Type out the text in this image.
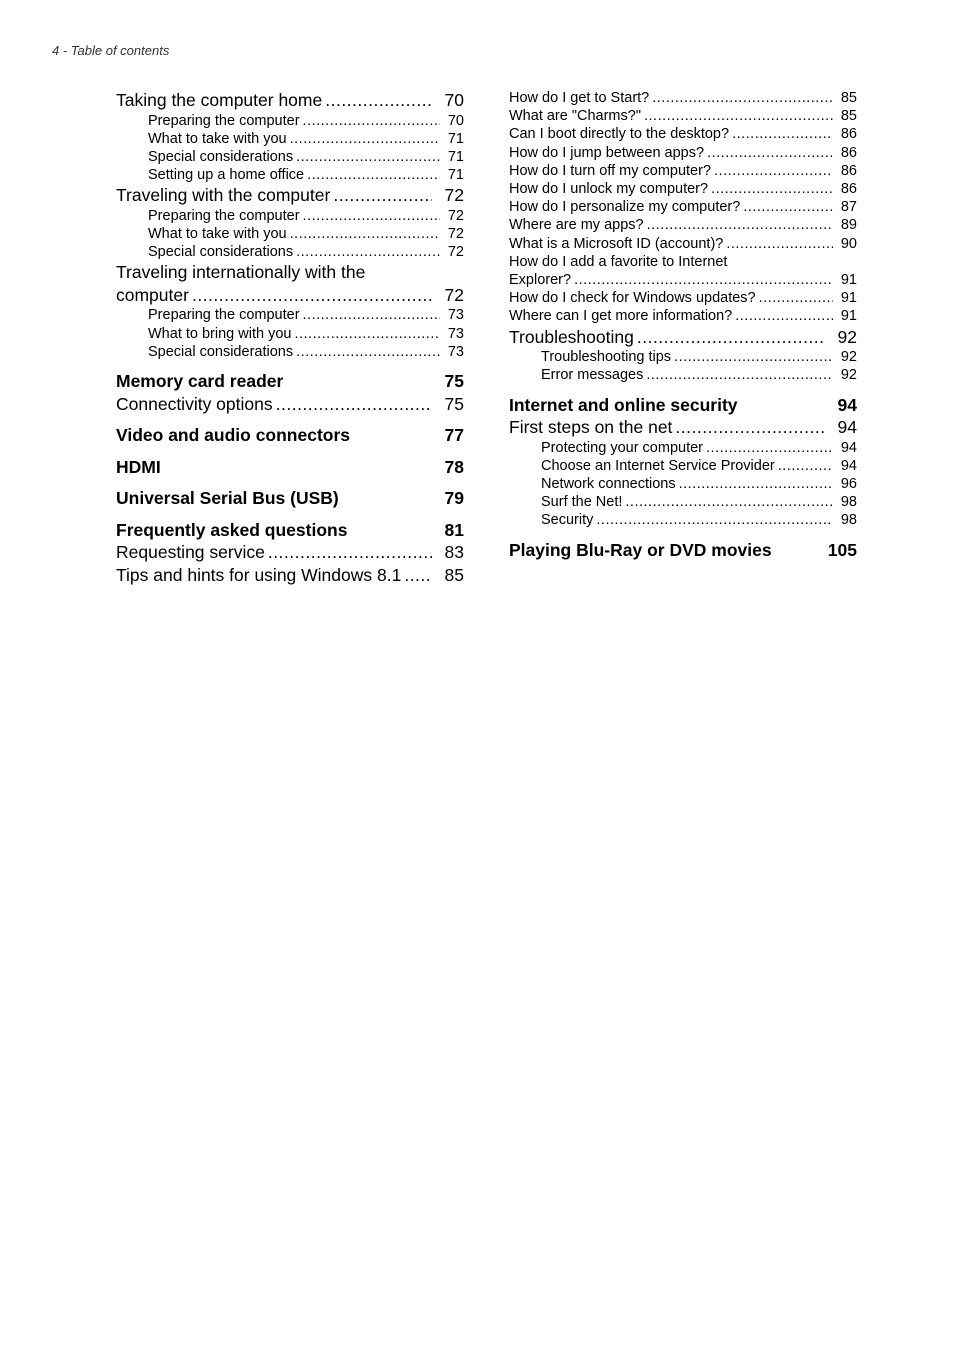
4 - Table of contents
Taking the computer home .....	70
Preparing the computer .....	70
What to take with you .....	71
Special considerations .....	71
Setting up a home office .....	71
Traveling with the computer .....	72
Preparing the computer .....	72
What to take with you .....	72
Special considerations .....	72
Traveling internationally with the
computer .....	72
Preparing the computer .....	73
What to bring with you .....	73
Special considerations .....	73
Memory card reader	75
Connectivity options .....	75
Video and audio connectors	77
HDMI	78
Universal Serial Bus (USB)	79
Frequently asked questions	81
Requesting service .....	83
Tips and hints for using Windows 8.1 .....	85
How do I get to Start? .....	85
What are "Charms?" .....	85
Can I boot directly to the desktop? .....	86
How do I jump between apps? .....	86
How do I turn off my computer? .....	86
How do I unlock my computer? .....	86
How do I personalize my computer? .....	87
Where are my apps? .....	89
What is a Microsoft ID (account)? .....	90
How do I add a favorite to Internet
Explorer? .....	91
How do I check for Windows updates? .....	91
Where can I get more information? .....	91
Troubleshooting .....	92
Troubleshooting tips .....	92
Error messages .....	92
Internet and online security	94
First steps on the net .....	94
Protecting your computer .....	94
Choose an Internet Service Provider .....	94
Network connections .....	96
Surf the Net! .....	98
Security .....	98
Playing Blu-Ray or DVD movies	105
